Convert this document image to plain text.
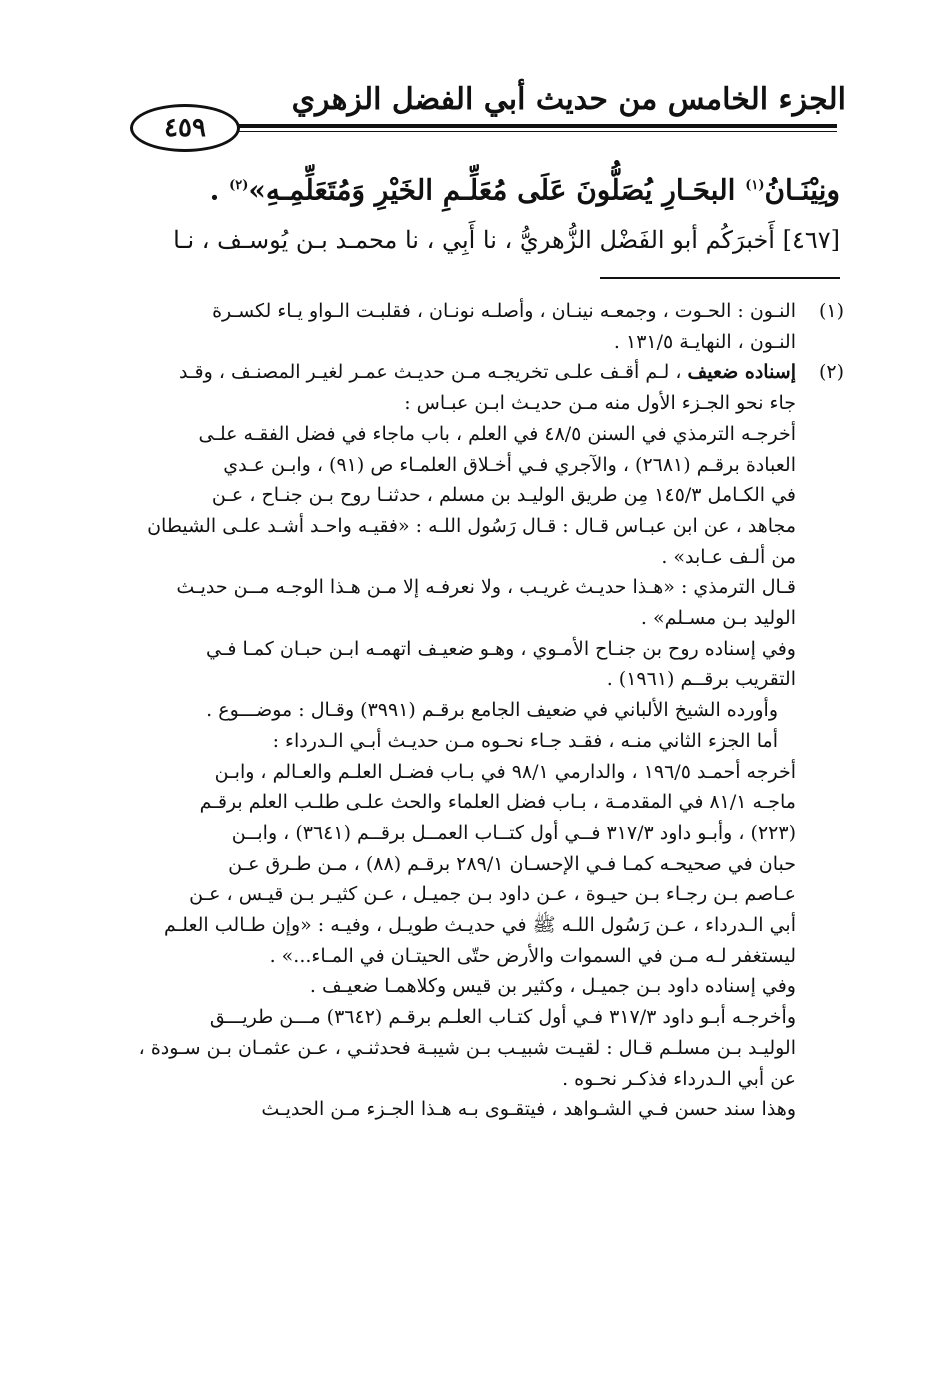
الجزء الخامس من حديث أبي الفضل الزهري
٤٥٩
ونِيْنَـانُ$^{(١)}$ البحَـارِ يُصَلُّونَ عَلَى مُعَلِّـمِ الخَيْرِ وَمُتَعَلِّمِـهِ»$^{(٢)}$ .
[٤٦٧] أَخبرَكُم أبو الفَضْل الزُّهريُّ ، نا أَبِي ، نا محمـد بـن يُوسـف ، نـا
(١)

النـون : الحـوت ، وجمعـه نينـان ، وأصلـه نونـان ، فقلبـت الـواو يـاء لكسـرة

النـون ، النهايـة ١٣١/٥ .

(٢)

إسناده ضعيف ، لـم أقـف علـى تخريجـه مـن حديـث عمـر لغيـر المصنـف ، وقـد

جاء نحو الجـزء الأول منه مـن حديـث ابـن عبـاس :

أخرجـه الترمذي في السنن ٤٨/٥ في العلم ، باب ماجاء في فضل الفقـه علـى

العبادة برقـم (٢٦٨١) ، والآجري فـي أخـلاق العلمـاء ص (٩١) ، وابـن عـدي

في الكـامل ١٤٥/٣ مِن طريق الوليـد بن مسلم ، حدثنـا روح بـن جنـاح ، عـن

مجاهد ، عن ابن عبـاس قـال : قـال رَسُول اللـه : «فقيـه واحـد أشـد علـى الشيطان

من ألـف عـابد» .

قـال الترمذي : «هـذا حديـث غريـب ، ولا نعرفـه إلا مـن هـذا الوجـه مــن حديـث

الوليد بـن مسـلم» .

وفي إسناده روح بن جنـاح الأمـوي ، وهـو ضعيـف اتهمـه ابـن حبـان كمـا فـي

التقريب برقــم (١٩٦١) .

وأورده الشيخ الألباني في ضعيف الجامع برقـم (٣٩٩١) وقـال : موضـــوع .

أما الجزء الثاني منـه ، فقـد جـاء نحـوه مـن حديـث أبـي الـدرداء :

أخرجه أحمـد ١٩٦/٥ ، والدارمي ٩٨/١ في بـاب فضـل العلـم والعـالم ، وابـن

ماجـه ٨١/١ في المقدمـة ، بـاب فضل العلماء والحث علـى طلـب العلم برقـم

(٢٢٣) ، وأبـو داود ٣١٧/٣ فــي أول كتــاب العمــل برقــم (٣٦٤١) ، وابــن

حبان في صحيحـه كمـا فـي الإحسـان ٢٨٩/١ برقـم (٨٨) ، مـن طـرق عـن

عـاصم بـن رجـاء بـن حيـوة ، عـن داود بـن جميـل ، عـن كثيـر بـن قيـس ، عـن

أبي الـدرداء ، عـن رَسُول اللـه ﷺ في حديـث طويـل ، وفيـه : «وإن طـالب العلـم

ليستغفر لـه مـن في السموات والأرض حتّى الحيتـان في المـاء...» .

وفي إسناده داود بـن جميـل ، وكثير بن قيس وكلاهمـا ضعيـف .

وأخرجـه أبـو داود ٣١٧/٣ فـي أول كتـاب العلـم برقـم (٣٦٤٢) مـــن طريـــق

الوليـد بـن مسلـم قـال : لقيـت شبيـب بـن شيبـة فحدثنـي ، عـن عثمـان بـن سـودة ،

عن أبي الـدرداء فذكـر نحـوه .

وهذا سند حسن فـي الشـواهد ، فيتقـوى بـه هـذا الجـزء مـن الحديـث
